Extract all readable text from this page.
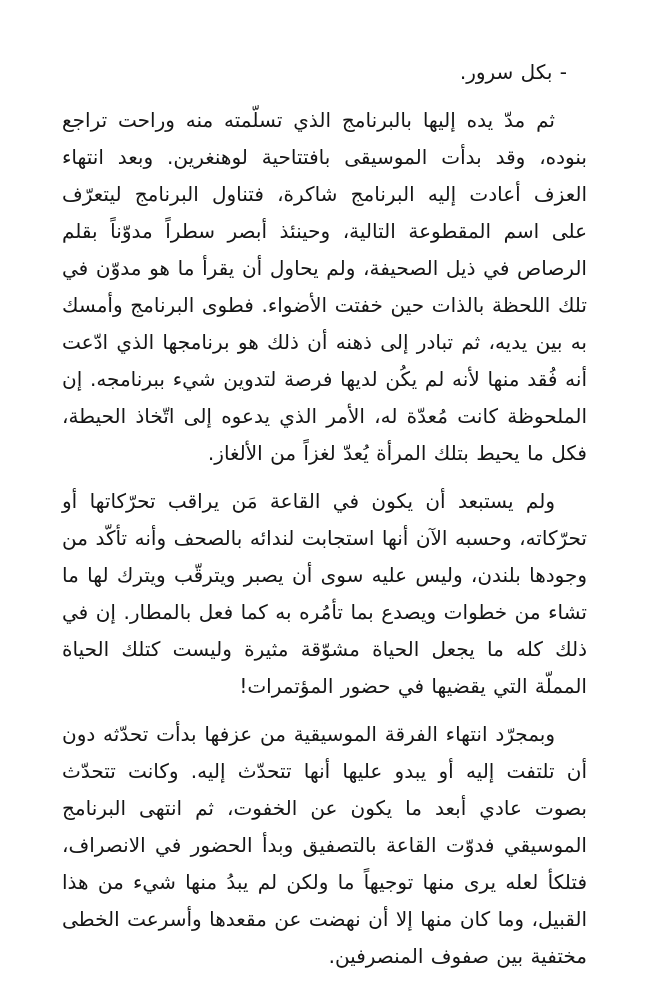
- بكل سرور.

ثم مدّ يده إليها بالبرنامج الذي تسلّمته منه وراحت تراجع بنوده، وقد بدأت الموسيقى بافتتاحية لوهنغرين. وبعد انتهاء العزف أعادت إليه البرنامج شاكرة، فتناول البرنامج ليتعرّف على اسم المقطوعة التالية، وحينئذ أبصر سطراً مدوّناً بقلم الرصاص في ذيل الصحيفة، ولم يحاول أن يقرأ ما هو مدوّن في تلك اللحظة بالذات حين خفتت الأضواء. فطوى البرنامج وأمسك به بين يديه، ثم تبادر إلى ذهنه أن ذلك هو برنامجها الذي ادّعت أنه فُقد منها لأنه لم يكُن لديها فرصة لتدوين شيء ببرنامجه. إن الملحوظة كانت مُعدّة له، الأمر الذي يدعوه إلى اتّخاذ الحيطة، فكل ما يحيط بتلك المرأة يُعدّ لغزاً من الألغاز.

ولم يستبعد أن يكون في القاعة مَن يراقب تحرّكاتها أو تحرّكاته، وحسبه الآن أنها استجابت لندائه بالصحف وأنه تأكّد من وجودها بلندن، وليس عليه سوى أن يصبر ويترقّب ويترك لها ما تشاء من خطوات ويصدع بما تأمُره به كما فعل بالمطار. إن في ذلك كله ما يجعل الحياة مشوّقة مثيرة وليست كتلك الحياة المملّة التي يقضيها في حضور المؤتمرات!

وبمجرّد انتهاء الفرقة الموسيقية من عزفها بدأت تحدّثه دون أن تلتفت إليه أو يبدو عليها أنها تتحدّث إليه. وكانت تتحدّث بصوت عادي أبعد ما يكون عن الخفوت، ثم انتهى البرنامج الموسيقي فدوّت القاعة بالتصفيق وبدأ الحضور في الانصراف، فتلكأ لعله يرى منها توجيهاً ما ولكن لم يبدُ منها شيء من هذا القبيل، وما كان منها إلا أن نهضت عن مقعدها وأسرعت الخطى مختفية بين صفوف المنصرفين.
